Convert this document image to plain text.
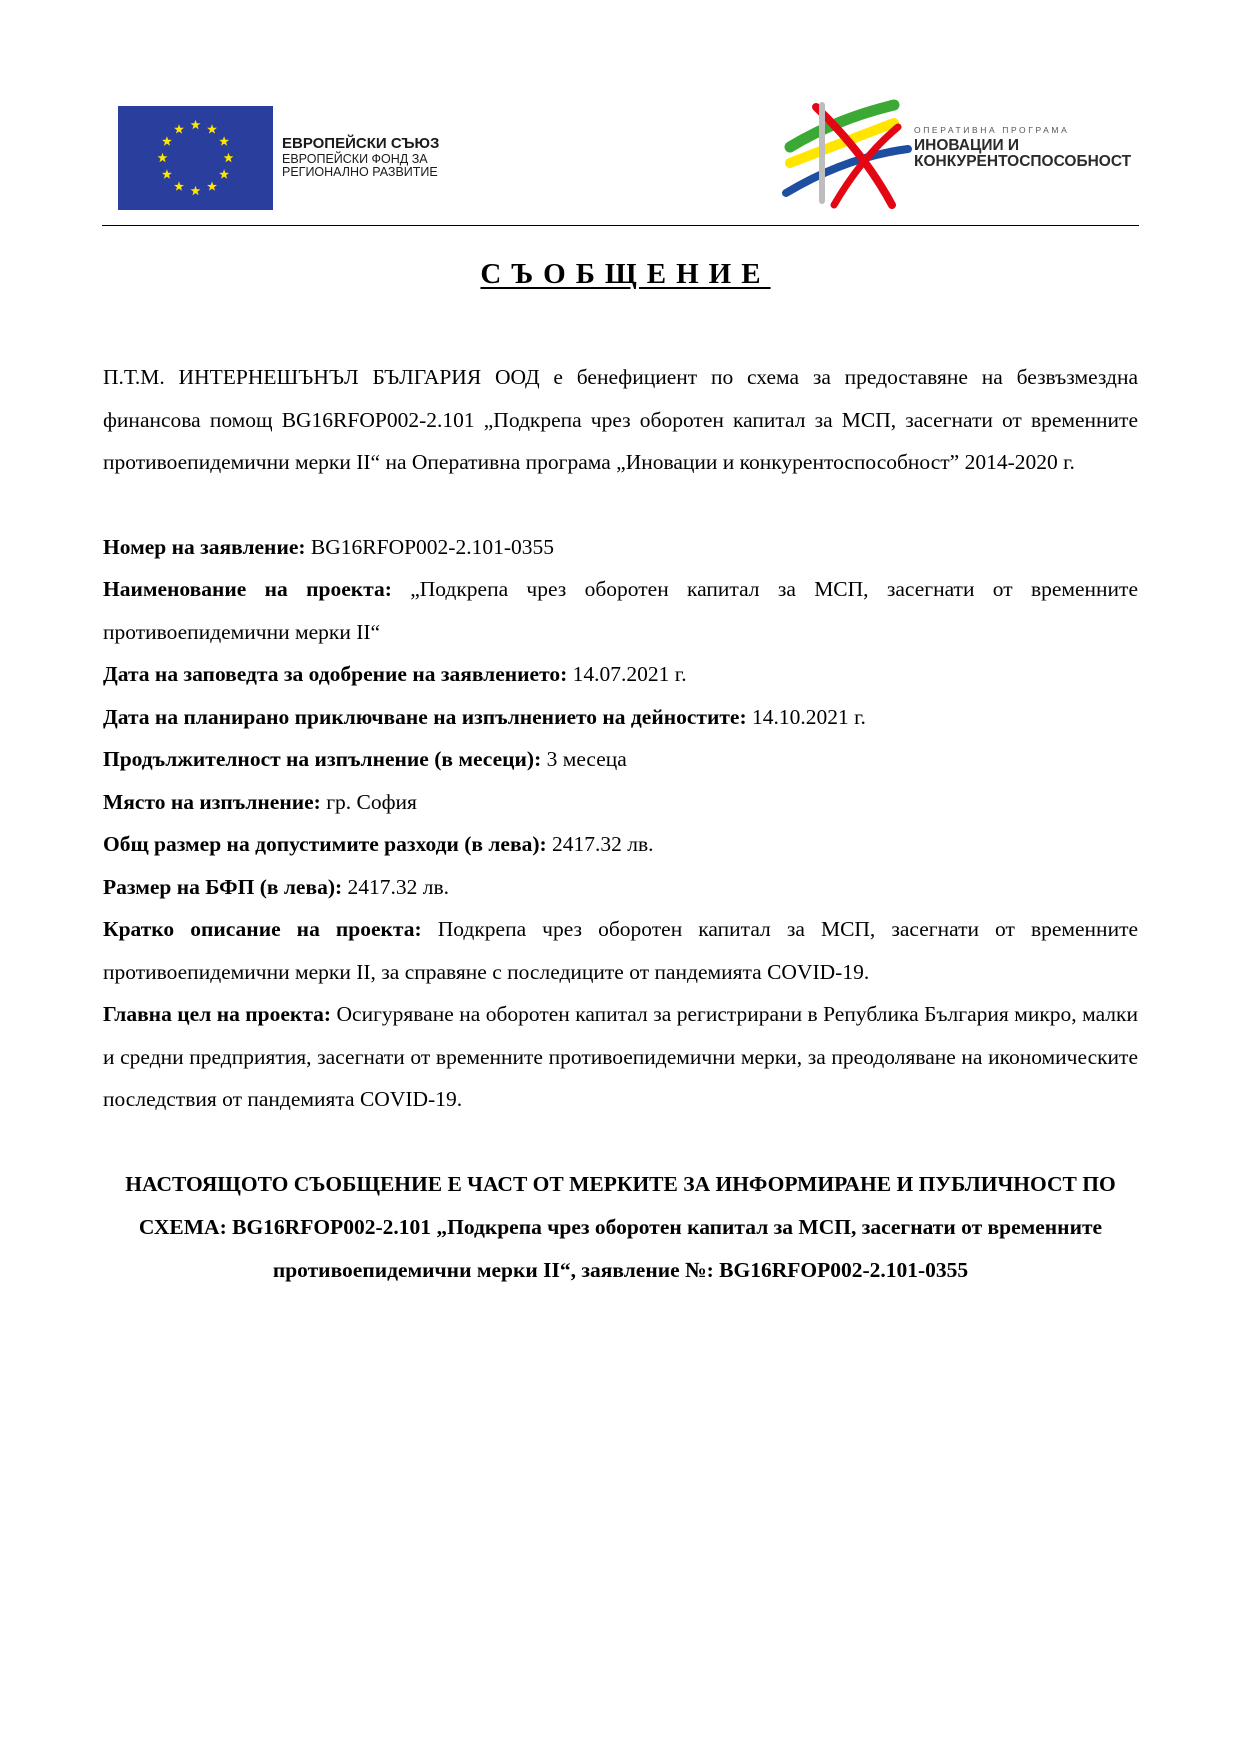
ЕВРОПЕЙСКИ СЪЮЗ
ЕВРОПЕЙСКИ ФОНД ЗА
РЕГИОНАЛНО РАЗВИТИЕ
ОПЕРАТИВНА ПРОГРАМА
ИНОВАЦИИ И
КОНКУРЕНТОСПОСОБНОСТ
СЪОБЩЕНИЕ

П.Т.М. ИНТЕРНЕШЪНЪЛ БЪЛГАРИЯ ООД е бенефициент по схема за предоставяне на безвъзмездна финансова помощ BG16RFOP002-2.101 „Подкрепа чрез оборотен капитал за МСП, засегнати от временните противоепидемични мерки II“ на Оперативна програма „Иновации и конкурентоспособност” 2014-2020 г.

Номер на заявление: BG16RFOP002-2.101-0355

Наименование на проекта: „Подкрепа чрез оборотен капитал за МСП, засегнати от временните противоепидемични мерки II“

Дата на заповедта за одобрение на заявлението: 14.07.2021 г.

Дата на планирано приключване на изпълнението на дейностите: 14.10.2021 г.

Продължителност на изпълнение (в месеци): 3 месеца

Място на изпълнение: гр. София

Общ размер на допустимите разходи (в лева): 2417.32 лв.

Размер на БФП (в лева): 2417.32 лв.

Кратко описание на проекта: Подкрепа чрез оборотен капитал за МСП, засегнати от временните противоепидемични мерки II, за справяне с последиците от пандемията COVID-19.

Главна цел на проекта: Осигуряване на оборотен капитал за регистрирани в Република България микро, малки и средни предприятия, засегнати от временните противоепидемични мерки, за преодоляване на икономическите последствия от пандемията COVID-19.

НАСТОЯЩОТО СЪОБЩЕНИЕ Е ЧАСТ ОТ МЕРКИТЕ ЗА ИНФОРМИРАНЕ И ПУБЛИЧНОСТ ПО СХЕМА: BG16RFOP002-2.101 „Подкрепа чрез оборотен капитал за МСП, засегнати от временните противоепидемични мерки II“, заявление №: BG16RFOP002-2.101-0355
